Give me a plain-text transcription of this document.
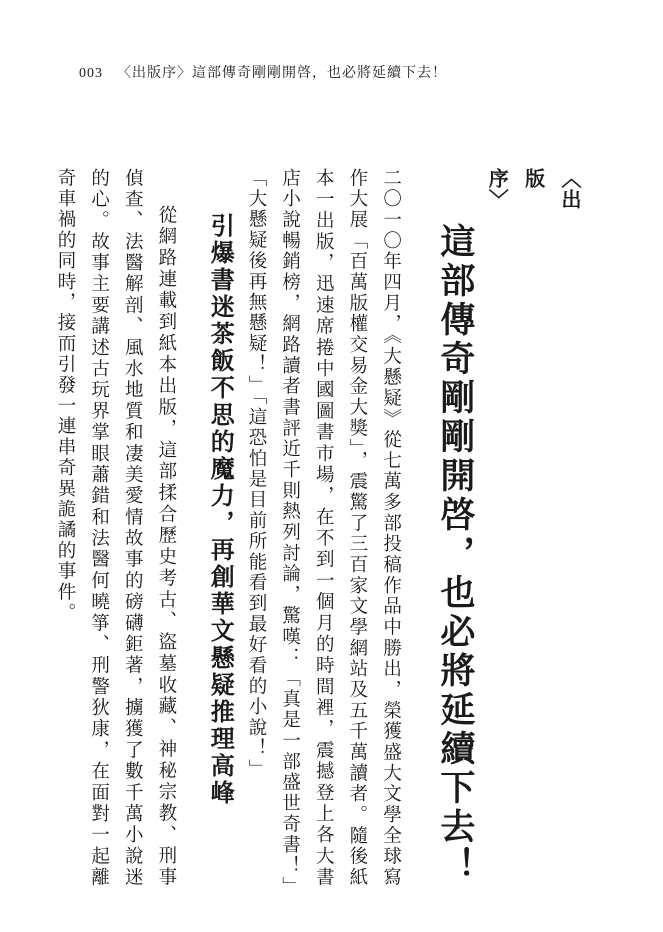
003 〈出版序〉這部傳奇剛剛開啓，也必將延續下去！
〈出版序〉
這部傳奇剛剛開啓，也必將延續下去！

二〇一〇年四月，《大懸疑》從七萬多部投稿作品中勝出，榮獲盛大文學全球寫作大展「百萬版權交易金大獎」，震驚了三百家文學網站及五千萬讀者。隨後紙本一出版，迅速席捲中國圖書市場，在不到一個月的時間裡，震撼登上各大書店小說暢銷榜，網路讀者書評近千則熱列討論，驚嘆：「真是一部盛世奇書！」「大懸疑後再無懸疑！」「這恐怕是目前所能看到最好看的小說！」

引爆書迷茶飯不思的魔力，再創華文懸疑推理高峰

從網路連載到紙本出版，這部揉合歷史考古、盜墓收藏、神秘宗教、刑事偵查、法醫解剖、風水地質和凄美愛情故事的磅礴鉅著，擄獲了數千萬小說迷的心。故事主要講述古玩界掌眼蕭錯和法醫何曉箏、刑警狄康，在面對一起離奇車禍的同時，接而引發一連串奇異詭譎的事件。
